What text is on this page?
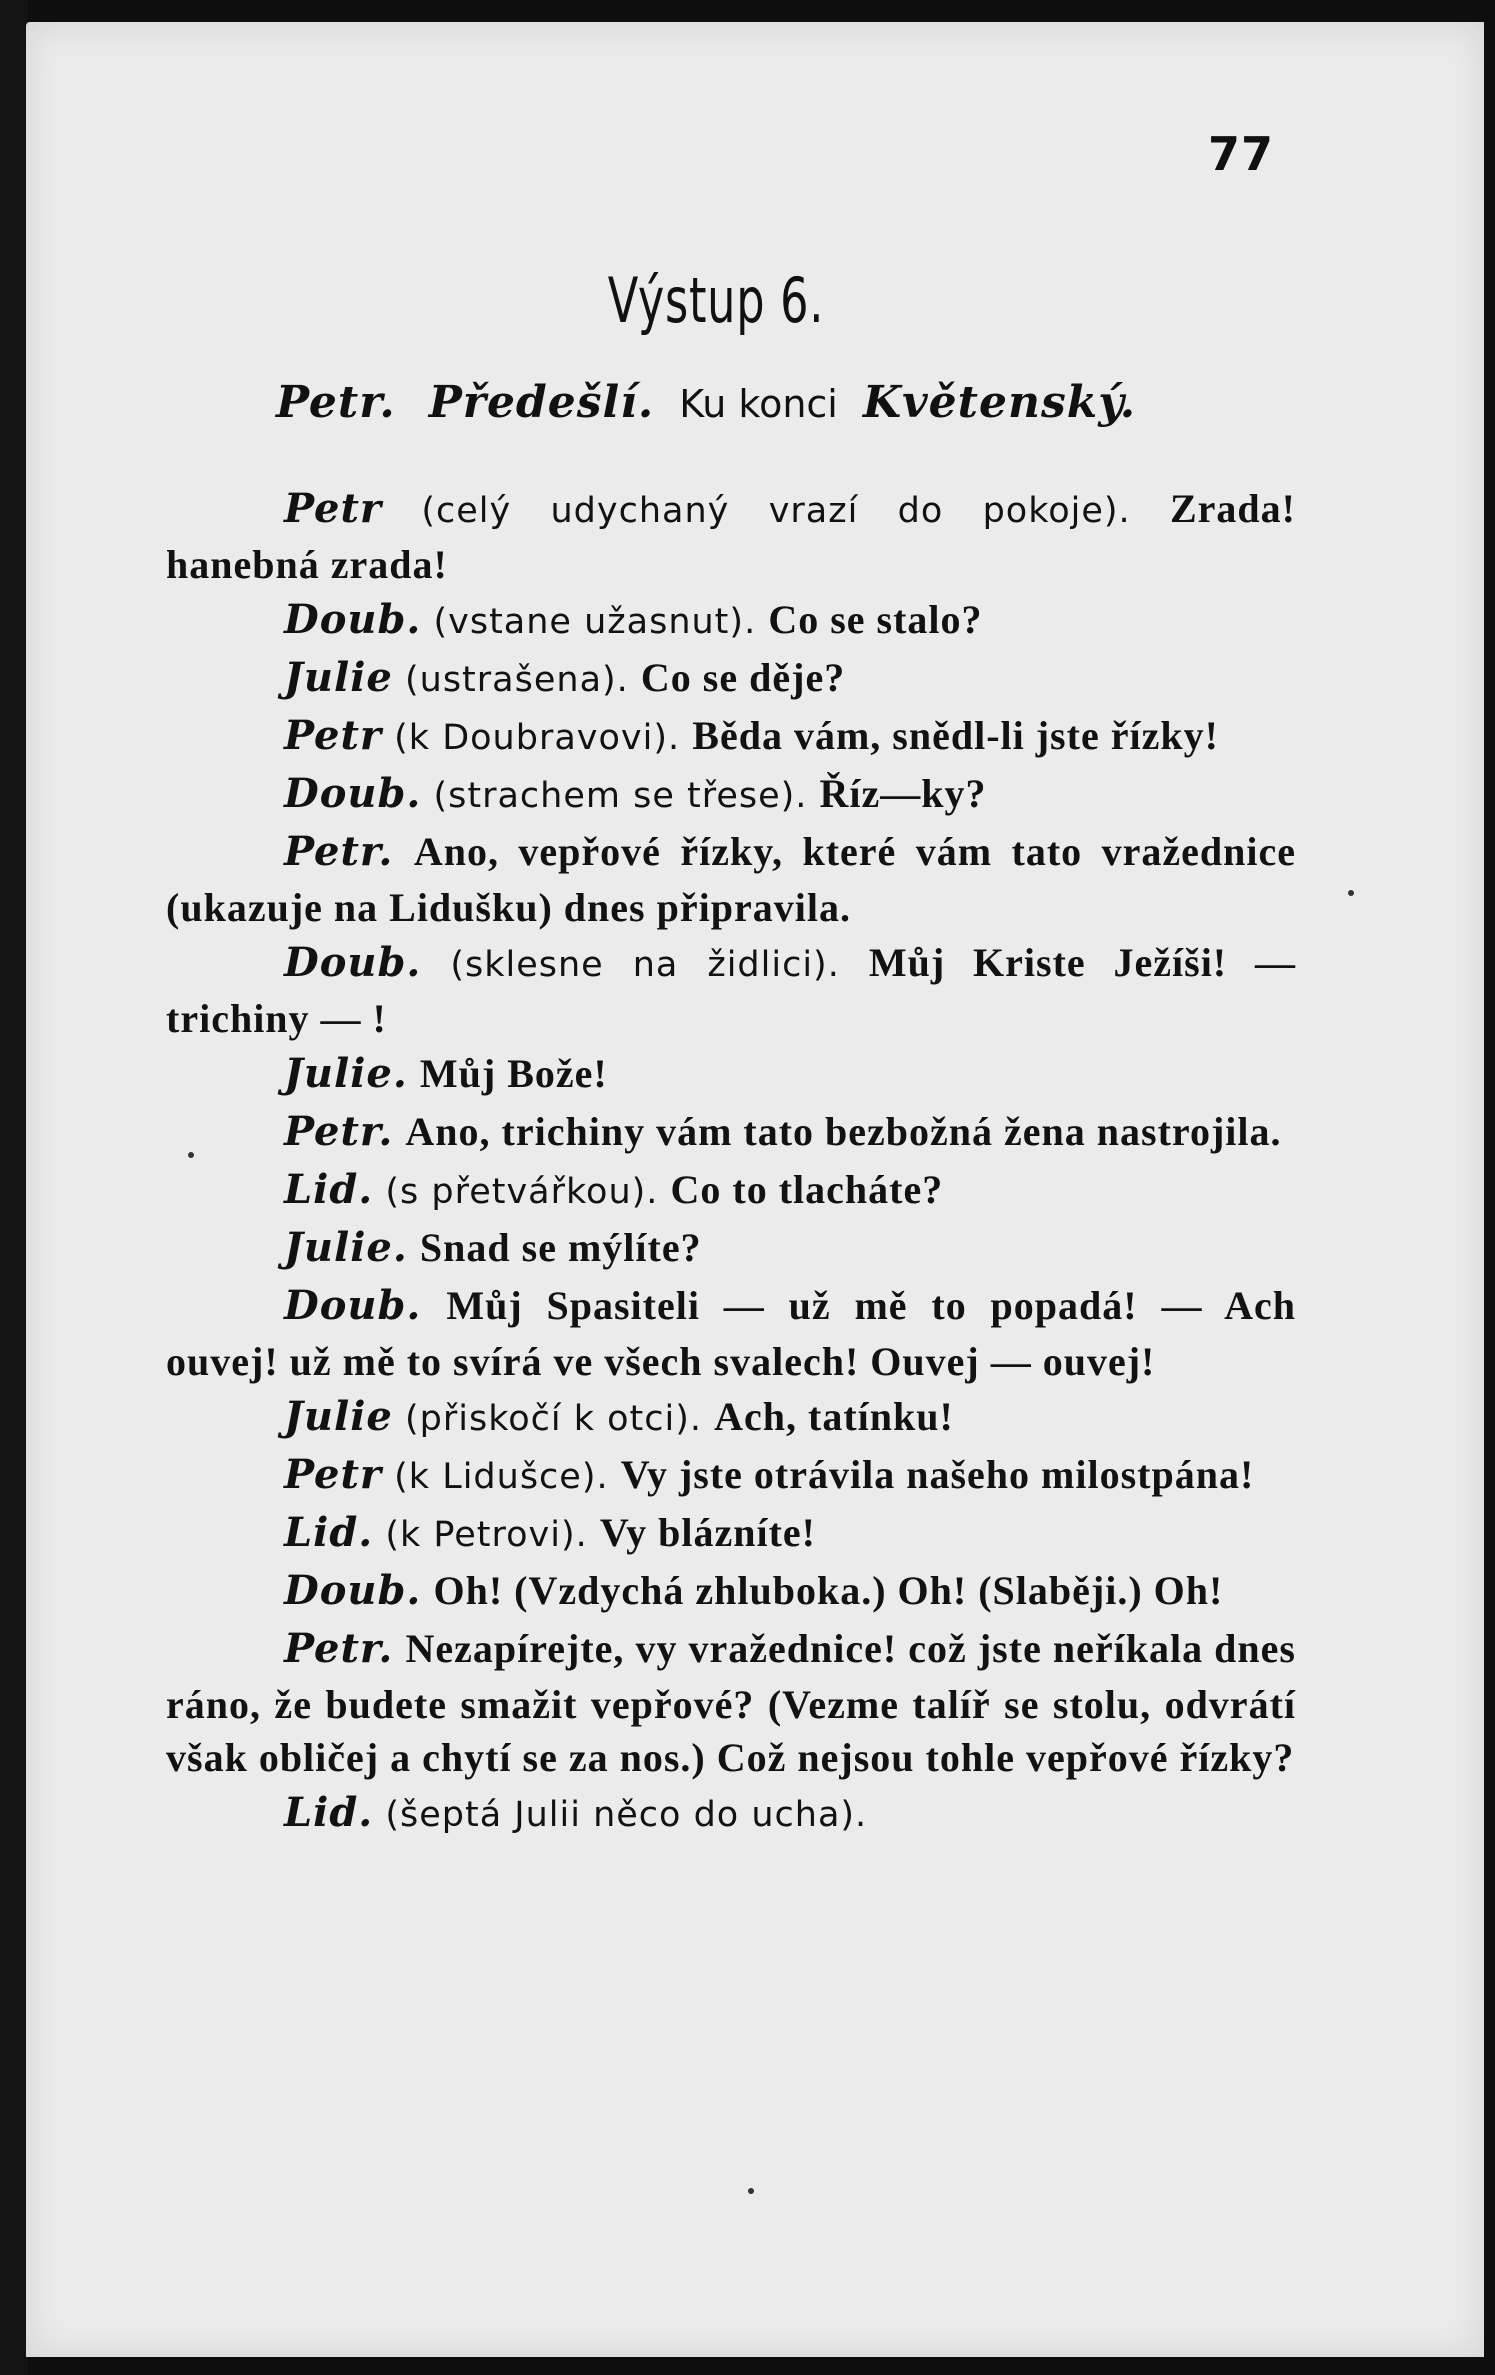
77
Výstup 6.
Petr. Předešlí. Ku konci Květenský.

Petr (celý udychaný vrazí do pokoje). Zrada! hanebná zrada!

Doub. (vstane užasnut). Co se stalo?

Julie (ustrašena). Co se děje?

Petr (k Doubravovi). Běda vám, snědl-li jste řízky!

Doub. (strachem se třese). Říz—ky?

Petr. Ano, vepřové řízky, které vám tato vražednice (ukazuje na Lidušku) dnes připravila.

Doub. (sklesne na židlici). Můj Kriste Ježíši! — trichiny — !

Julie. Můj Bože!

Petr. Ano, trichiny vám tato bezbožná žena nastrojila.

Lid. (s přetvářkou). Co to tlacháte?

Julie. Snad se mýlíte?

Doub. Můj Spasiteli — už mě to popadá! — Ach ouvej! už mě to svírá ve všech svalech! Ouvej — ouvej!

Julie (přiskočí k otci). Ach, tatínku!

Petr (k Lidušce). Vy jste otrávila našeho milostpána!

Lid. (k Petrovi). Vy blázníte!

Doub. Oh! (Vzdychá zhluboka.) Oh! (Slaběji.) Oh!

Petr. Nezapírejte, vy vražednice! což jste neříkala dnes ráno, že budete smažit vepřové? (Vezme talíř se stolu, odvrátí však obličej a chytí se za nos.) Což nejsou tohle vepřové řízky?

Lid. (šeptá Julii něco do ucha).
